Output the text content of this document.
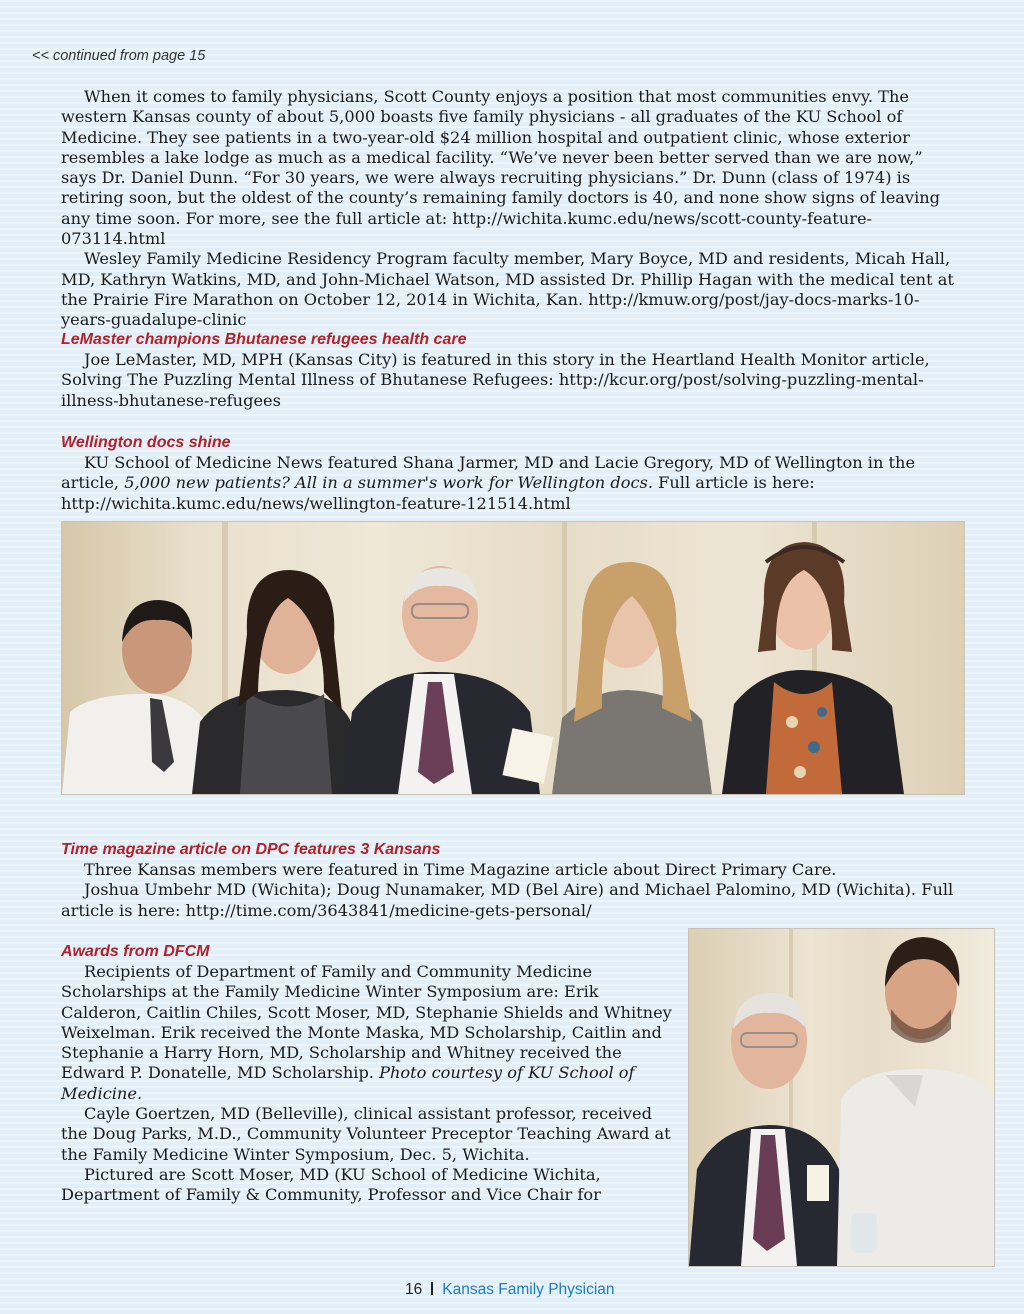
<< continued from page 15

When it comes to family physicians, Scott County enjoys a position that most communities envy. The western Kansas county of about 5,000 boasts five family physicians - all graduates of the KU School of Medicine. They see patients in a two-year-old $24 million hospital and outpatient clinic, whose exterior resembles a lake lodge as much as a medical facility. “We’ve never been better served than we are now,” says Dr. Daniel Dunn. “For 30 years, we were always recruiting physicians.” Dr. Dunn (class of 1974) is retiring soon, but the oldest of the county’s remaining family doctors is 40, and none show signs of leaving any time soon. For more, see the full article at: http://wichita.kumc.edu/news/scott-county-feature-073114.html

Wesley Family Medicine Residency Program faculty member, Mary Boyce, MD and residents, Micah Hall, MD, Kathryn Watkins, MD, and John-Michael Watson, MD assisted Dr. Phillip Hagan with the medical tent at the Prairie Fire Marathon on October 12, 2014 in Wichita, Kan. http://kmuw.org/post/jay-docs-marks-10-years-guadalupe-clinic

LeMaster champions Bhutanese refugees health care

Joe LeMaster, MD, MPH (Kansas City) is featured in this story in the Heartland Health Monitor article, Solving The Puzzling Mental Illness of Bhutanese Refugees: http://kcur.org/post/solving-puzzling-mental-illness-bhutanese-refugees

Wellington docs shine

KU School of Medicine News featured Shana Jarmer, MD and Lacie Gregory, MD of Wellington in the article, 5,000 new patients? All in a summer's work for Wellington docs. Full article is here: http://wichita.kumc.edu/news/wellington-feature-121514.html

Time magazine article on DPC features 3 Kansans

Three Kansas members were featured in Time Magazine article about Direct Primary Care.

Joshua Umbehr MD (Wichita); Doug Nunamaker, MD (Bel Aire) and Michael Palomino, MD (Wichita). Full article is here: http://time.com/3643841/medicine-gets-personal/

Awards from DFCM

Recipients of Department of Family and Community Medicine Scholarships at the Family Medicine Winter Symposium are: Erik Calderon, Caitlin Chiles, Scott Moser, MD, Stephanie Shields and Whitney Weixelman. Erik received the Monte Maska, MD Scholarship, Caitlin and Stephanie a Harry Horn, MD, Scholarship and Whitney received the Edward P. Donatelle, MD Scholarship. Photo courtesy of KU School of Medicine.

Cayle Goertzen, MD (Belleville), clinical assistant professor, received the Doug Parks, M.D., Community Volunteer Preceptor Teaching Award at the Family Medicine Winter Symposium, Dec. 5, Wichita.

Pictured are Scott Moser, MD (KU School of Medicine Wichita, Department of Family & Community, Professor and Vice Chair for

16 Kansas Family Physician
